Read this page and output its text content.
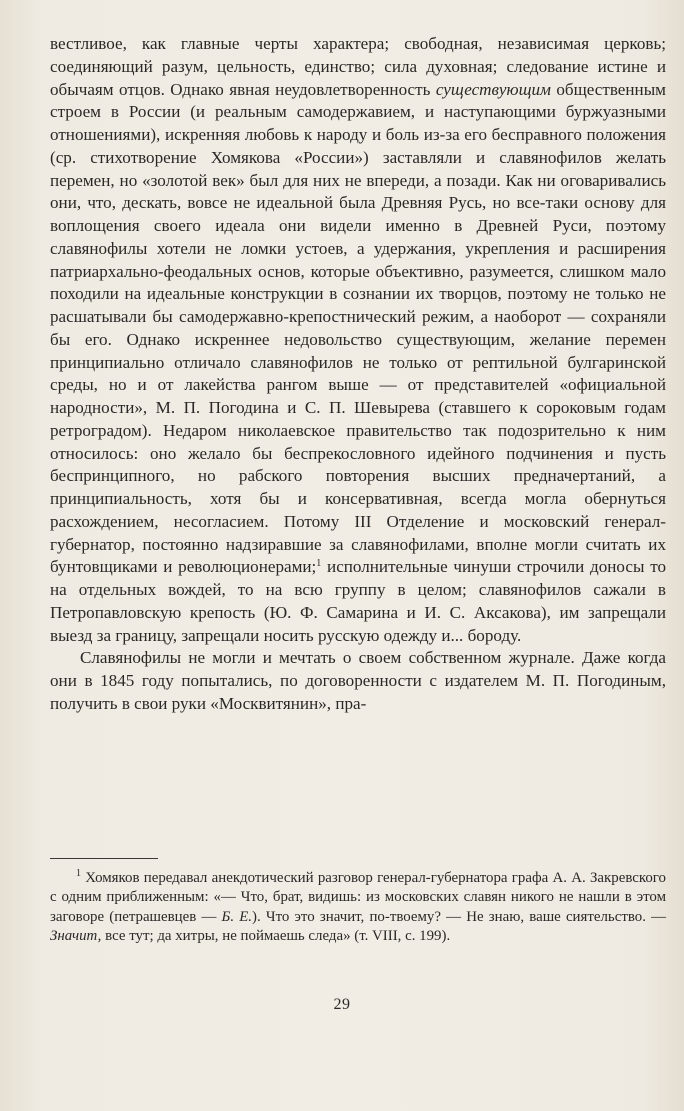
вестливое, как главные черты характера; свободная, независимая церковь; соединяющий разум, цельность, единство; сила духовная; следование истине и обычаям отцов. Однако явная неудовлетворенность существующим общественным строем в России (и реальным самодержавием, и наступающими буржуазными отношениями), искренняя любовь к народу и боль из-за его бесправного положения (ср. стихотворение Хомякова «России») заставляли и славянофилов желать перемен, но «золотой век» был для них не впереди, а позади. Как ни оговаривались они, что, дескать, вовсе не идеальной была Древняя Русь, но все-таки основу для воплощения своего идеала они видели именно в Древней Руси, поэтому славянофилы хотели не ломки устоев, а удержания, укрепления и расширения патриархально-феодальных основ, которые объективно, разумеется, слишком мало походили на идеальные конструкции в сознании их творцов, поэтому не только не расшатывали бы самодержавно-крепостнический режим, а наоборот — сохраняли бы его. Однако искреннее недовольство существующим, желание перемен принципиально отличало славянофилов не только от рептильной булгаринской среды, но и от лакейства рангом выше — от представителей «официальной народности», М. П. Погодина и С. П. Шевырева (ставшего к сороковым годам ретроградом). Недаром николаевское правительство так подозрительно к ним относилось: оно желало бы беспрекословного идейного подчинения и пусть беспринципного, но рабского повторения высших предначертаний, а принципиальность, хотя бы и консервативная, всегда могла обернуться расхождением, несогласием. Потому III Отделение и московский генерал-губернатор, постоянно надзиравшие за славянофилами, вполне могли считать их бунтовщиками и революционерами;$^1$ исполнительные чинуши строчили доносы то на отдельных вождей, то на всю группу в целом; славянофилов сажали в Петропавловскую крепость (Ю. Ф. Самарина и И. С. Аксакова), им запрещали выезд за границу, запрещали носить русскую одежду и... бороду.

Славянофилы не могли и мечтать о своем собственном журнале. Даже когда они в 1845 году попытались, по договоренности с издателем М. П. Погодиным, получить в свои руки «Москвитянин», пра-

$^1$ Хомяков передавал анекдотический разговор генерал-губернатора графа А. А. Закревского с одним приближенным: «— Что, брат, видишь: из московских славян никого не нашли в этом заговоре (петрашевцев — Б. Е.). Что это значит, по-твоему? — Не знаю, ваше сиятельство. — Значит, все тут; да хитры, не поймаешь следа» (т. VIII, с. 199).

29
